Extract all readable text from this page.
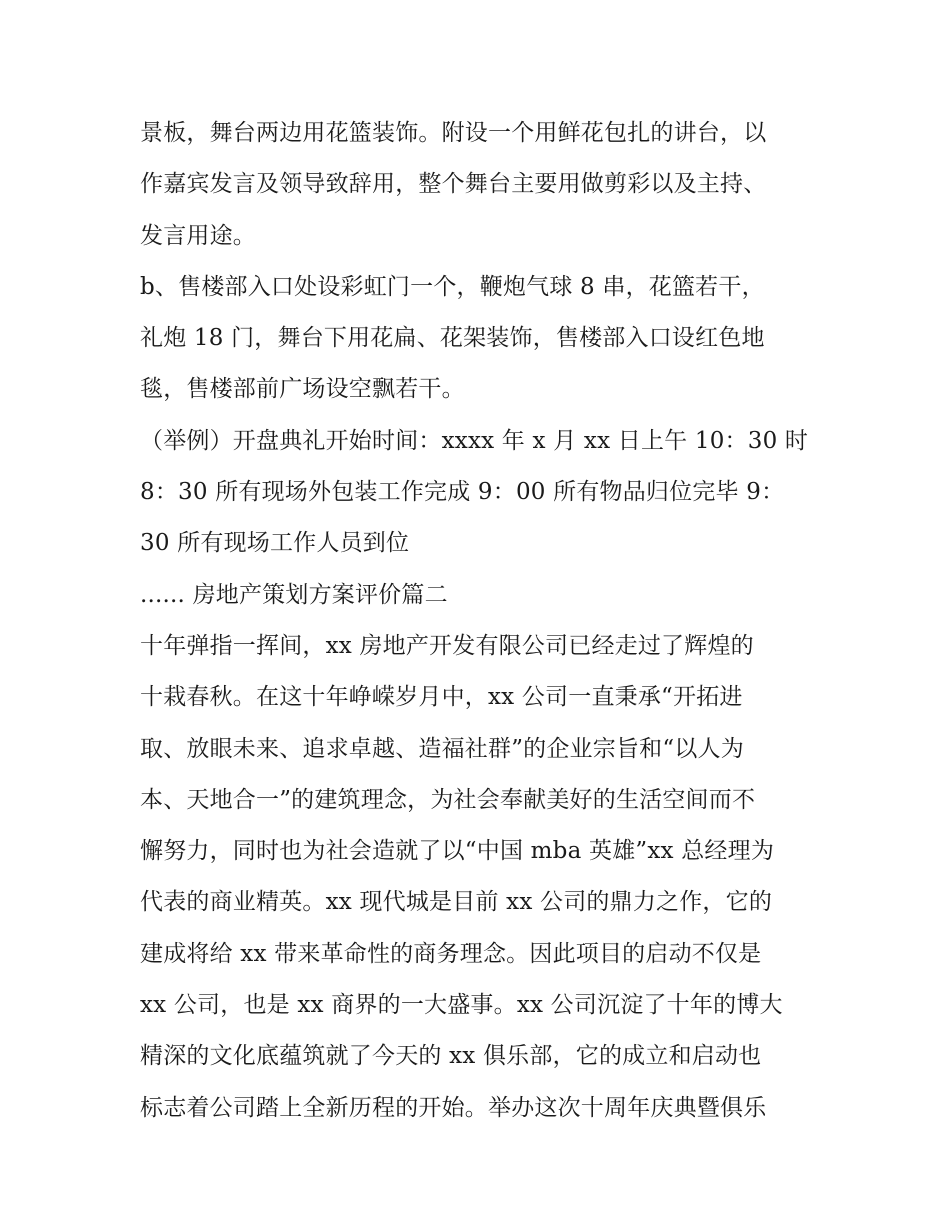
景板，舞台两边用花篮装饰。附设一个用鲜花包扎的讲台，以
作嘉宾发言及领导致辞用，整个舞台主要用做剪彩以及主持、
发言用途。
b、售楼部入口处设彩虹门一个，鞭炮气球 8 串，花篮若干，
礼炮 18 门，舞台下用花扁、花架装饰，售楼部入口设红色地
毯，售楼部前广场设空飘若干。
（举例）开盘典礼开始时间：xxxx 年 x 月 xx 日上午 10：30 时
8：30 所有现场外包装工作完成 9：00 所有物品归位完毕 9：
30 所有现场工作人员到位
...... 房地产策划方案评价篇二
十年弹指一挥间，xx 房地产开发有限公司已经走过了辉煌的
十栽春秋。在这十年峥嵘岁月中，xx 公司一直秉承“开拓进
取、放眼未来、追求卓越、造福社群”的企业宗旨和“以人为
本、天地合一”的建筑理念，为社会奉献美好的生活空间而不
懈努力，同时也为社会造就了以“中国 mba 英雄”xx 总经理为
代表的商业精英。xx 现代城是目前 xx 公司的鼎力之作，它的
建成将给 xx 带来革命性的商务理念。因此项目的启动不仅是
xx 公司，也是 xx 商界的一大盛事。xx 公司沉淀了十年的博大
精深的文化底蕴筑就了今天的 xx 俱乐部，它的成立和启动也
标志着公司踏上全新历程的开始。举办这次十周年庆典暨俱乐
